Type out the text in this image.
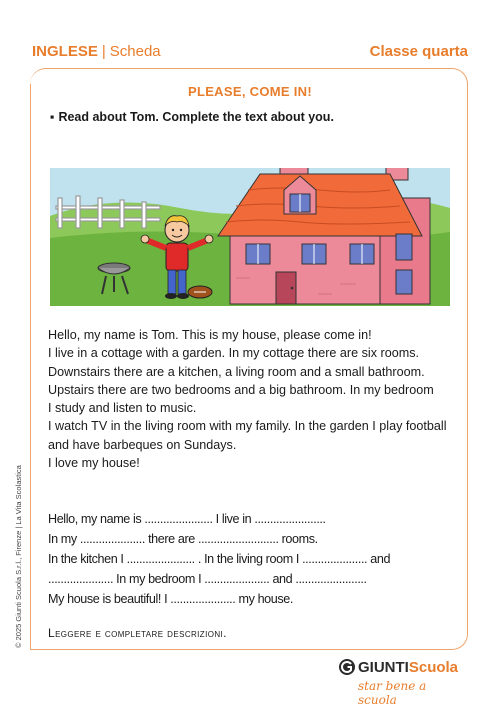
INGLESE | Scheda	Classe quarta
PLEASE, COME IN!
▪ Read about Tom. Complete the text about you.

Hello, my name is Tom. This is my house, please come in!

I live in a cottage with a garden. In my cottage there are six rooms.

Downstairs there are a kitchen, a living room and a small bathroom.

Upstairs there are two bedrooms and a big bathroom. In my bedroom

I study and listen to music.

I watch TV in the living room with my family. In the garden I play football

and have barbeques on Sundays.

I love my house!

Hello, my name is ...................... I live in .......................

In my ..................... there are .......................... rooms.

In the kitchen I ...................... . In the living room I ..................... and

..................... In my bedroom I ..................... and .......................

My house is beautiful! I ..................... my house.

Leggere e completare descrizioni.
© 2025 Giunti Scuola S.r.l., Firenze | La Vita Scolastica
GIUNTIScuola
star bene a scuola
